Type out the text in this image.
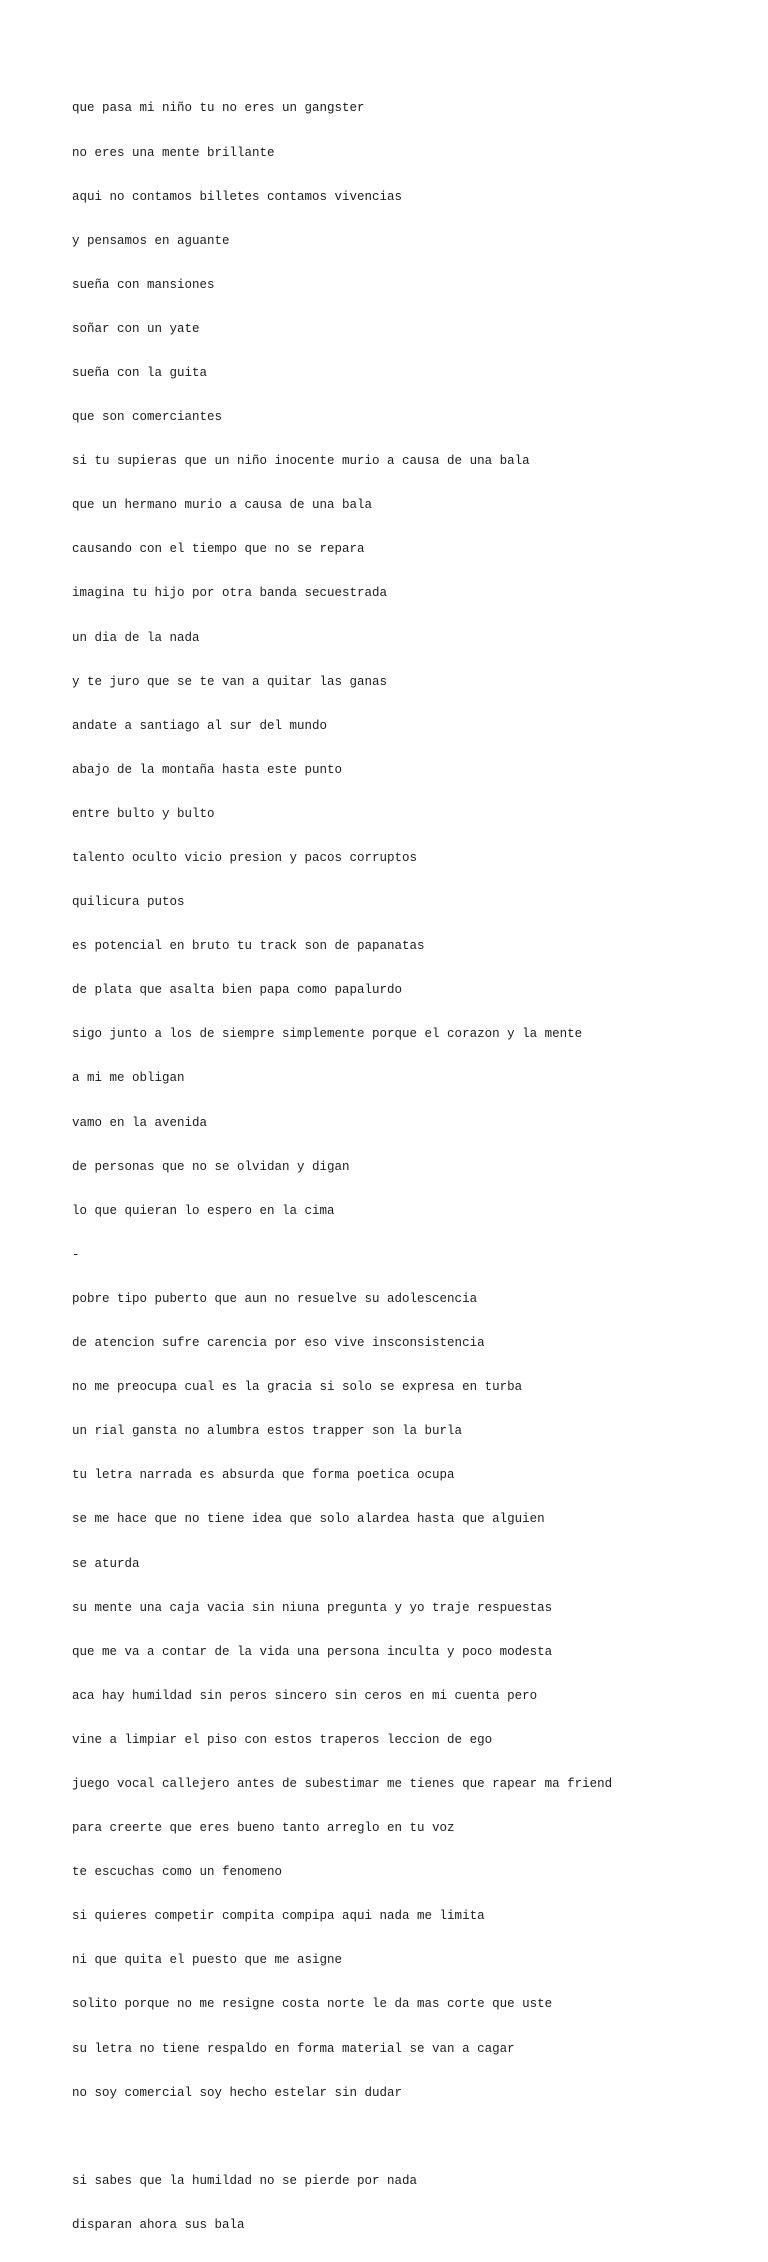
que pasa mi niño tu no eres un gangster

no eres una mente brillante

aqui no contamos billetes contamos vivencias

y pensamos en aguante

sueña con mansiones

soñar con un yate

sueña con la guita

que son comerciantes

si tu supieras que un niño inocente murio a causa de una bala

que un hermano murio a causa de una bala

causando con el tiempo que no se repara

imagina tu hijo por otra banda secuestrada

un dia de la nada

y te juro que se te van a quitar las ganas

andate a santiago al sur del mundo

abajo de la montaña hasta este punto

entre bulto y bulto

talento oculto vicio presion y pacos corruptos

quilicura putos

es potencial en bruto tu track son de papanatas

de plata que asalta bien papa como papalurdo

sigo junto a los de siempre simplemente porque el corazon y la mente

a mi me obligan

vamo en la avenida

de personas que no se olvidan y digan

lo que quieran lo espero en la cima

-

pobre tipo puberto que aun no resuelve su adolescencia

de atencion sufre carencia por eso vive insconsistencia

no me preocupa cual es la gracia si solo se expresa en turba

un rial gansta no alumbra estos trapper son la burla

tu letra narrada es absurda que forma poetica ocupa

se me hace que no tiene idea que solo alardea hasta que alguien

se aturda

su mente una caja vacia sin niuna pregunta y yo traje respuestas

que me va a contar de la vida una persona inculta y poco modesta

aca hay humildad sin peros sincero sin ceros en mi cuenta pero

vine a limpiar el piso con estos traperos leccion de ego

juego vocal callejero antes de subestimar me tienes que rapear ma friend

para creerte que eres bueno tanto arreglo en tu voz

te escuchas como un fenomeno

si quieres competir compita compipa aqui nada me limita

ni que quita el puesto que me asigne

solito porque no me resigne costa norte le da mas corte que uste

su letra no tiene respaldo en forma material se van a cagar

no soy comercial soy hecho estelar sin dudar

si sabes que la humildad no se pierde por nada

disparan ahora sus bala
